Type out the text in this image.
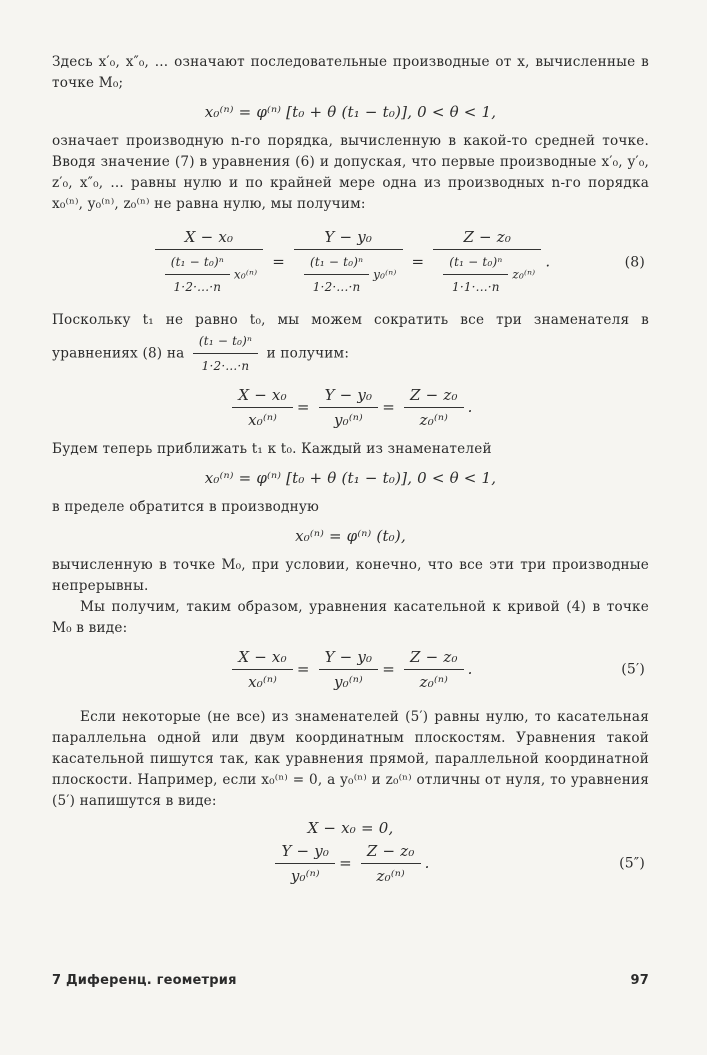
Здесь x′₀, x″₀, ... означают последовательные производные от x, вычисленные в точке M₀;

x₀⁽ⁿ⁾ = φ⁽ⁿ⁾ [t₀ + θ (t₁ − t₀)], 0 < θ < 1,

означает производную n-го порядка, вычисленную в какой-то средней точке. Вводя значение (7) в уравнения (6) и допуская, что первые производные x′₀, y′₀, z′₀, x″₀, ... равны нулю и по крайней мере одна из производных n-го порядка x₀⁽ⁿ⁾, y₀⁽ⁿ⁾, z₀⁽ⁿ⁾ не равна нулю, мы получим:

$\frac{\text{X − x₀}}{\frac{\text{(t₁ − t₀)ⁿ}}{1\cdot 2\cdot...\cdot n} x_0^{(n)}} = \frac{\text{Y − y₀}}{\frac{\text{(t₁ − t₀)ⁿ}}{1\cdot 2\cdot...\cdot n} y_0^{(n)}} = \frac{\text{Z − z₀}}{\frac{\text{(t₁ − t₀)ⁿ}}{1\cdot 1\cdot...\cdot n} z_0^{(n)}}$ .	(8)

Поскольку t₁ не равно t₀, мы можем сократить все три знаменателя в уравнениях (8) на $\frac{\text{(t₁ − t₀)ⁿ}}{1\cdot 2\cdot...\cdot n}$ и получим:

$\frac{\text{X − x₀}}{\text{x₀⁽ⁿ⁾}} = \frac{\text{Y − y₀}}{\text{y₀⁽ⁿ⁾}} = \frac{\text{Z − z₀}}{\text{z₀⁽ⁿ⁾}}$ .

Будем теперь приближать t₁ к t₀. Каждый из знаменателей

x₀⁽ⁿ⁾ = φ⁽ⁿ⁾ [t₀ + θ (t₁ − t₀)], 0 < θ < 1,

в пределе обратится в производную

x₀⁽ⁿ⁾ = φ⁽ⁿ⁾ (t₀),

вычисленную в точке M₀, при условии, конечно, что все эти три производные непрерывны.

Мы получим, таким образом, уравнения касательной к кривой (4) в точке M₀ в виде:

$\frac{\text{X − x₀}}{\text{x₀⁽ⁿ⁾}} = \frac{\text{Y − y₀}}{\text{y₀⁽ⁿ⁾}} = \frac{\text{Z − z₀}}{\text{z₀⁽ⁿ⁾}}$ .	(5′)

Если некоторые (не все) из знаменателей (5′) равны нулю, то касательная параллельна одной или двум координатным плоскостям. Уравнения такой касательной пишутся так, как уравнения прямой, параллельной координатной плоскости. Например, если x₀⁽ⁿ⁾ = 0, а y₀⁽ⁿ⁾ и z₀⁽ⁿ⁾ отличны от нуля, то уравнения (5′) напишутся в виде:

X − x₀ = 0,
$\frac{\text{Y − y₀}}{\text{y₀⁽ⁿ⁾}} = \frac{\text{Z − z₀}}{\text{z₀⁽ⁿ⁾}}$ .	(5″)
7 Диференц. геометрия	97
